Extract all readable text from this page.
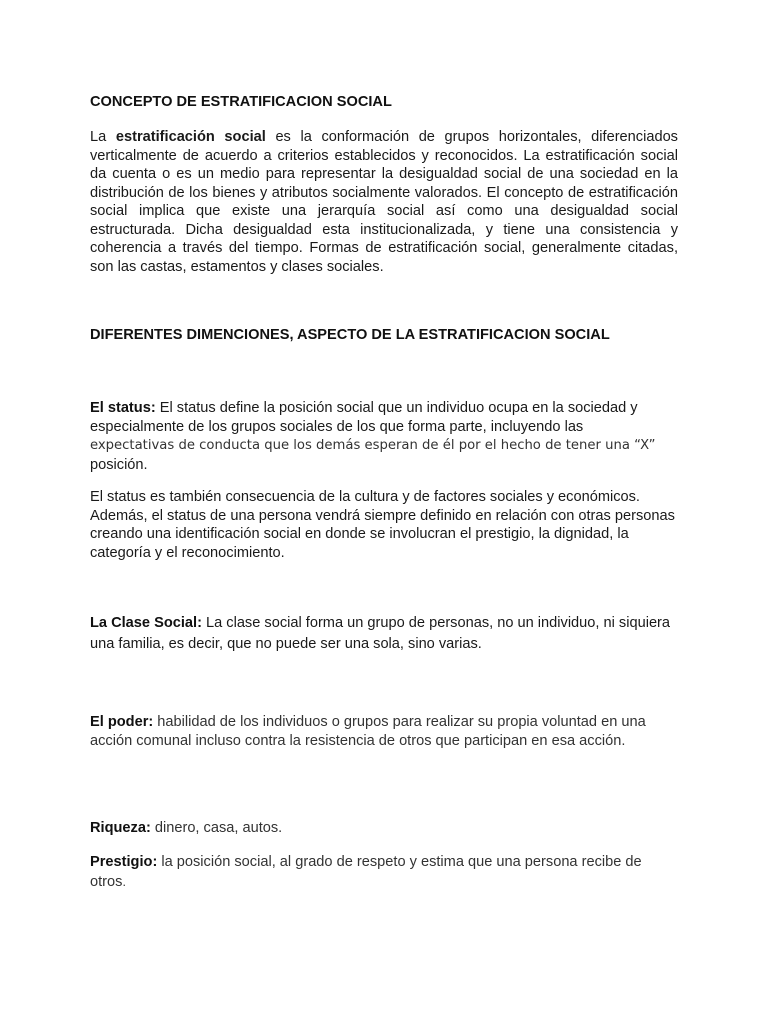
CONCEPTO DE ESTRATIFICACION SOCIAL

La estratificación social es la conformación de grupos horizontales, diferenciados verticalmente de acuerdo a criterios establecidos y reconocidos. La estratificación social da cuenta o es un medio para representar la desigualdad social de una sociedad en la distribución de los bienes y atributos socialmente valorados. El concepto de estratificación social implica que existe una jerarquía social así como una desigualdad social estructurada. Dicha desigualdad esta institucionalizada, y tiene una consistencia y coherencia a través del tiempo. Formas de estratificación social, generalmente citadas, son las castas, estamentos y clases sociales.

DIFERENTES DIMENCIONES, ASPECTO DE LA ESTRATIFICACION SOCIAL

El status: El status define la posición social que un individuo ocupa en la sociedad y especialmente de los grupos sociales de los que forma parte, incluyendo las
expectativas de conducta que los demás esperan de él por el hecho de tener una “X”
posición.

El status es también consecuencia de la cultura y de factores sociales y económicos. Además, el status de una persona vendrá siempre definido en relación con otras personas creando una identificación social en donde se involucran el prestigio, la dignidad, la categoría y el reconocimiento.

La Clase Social: La clase social forma un grupo de personas, no un individuo, ni siquiera una familia, es decir, que no puede ser una sola, sino varias.

El poder: habilidad de los individuos o grupos para realizar su propia voluntad en una acción comunal incluso contra la resistencia de otros que participan en esa acción.

Riqueza: dinero, casa, autos.

Prestigio: la posición social, al grado de respeto y estima que una persona recibe de otros.
